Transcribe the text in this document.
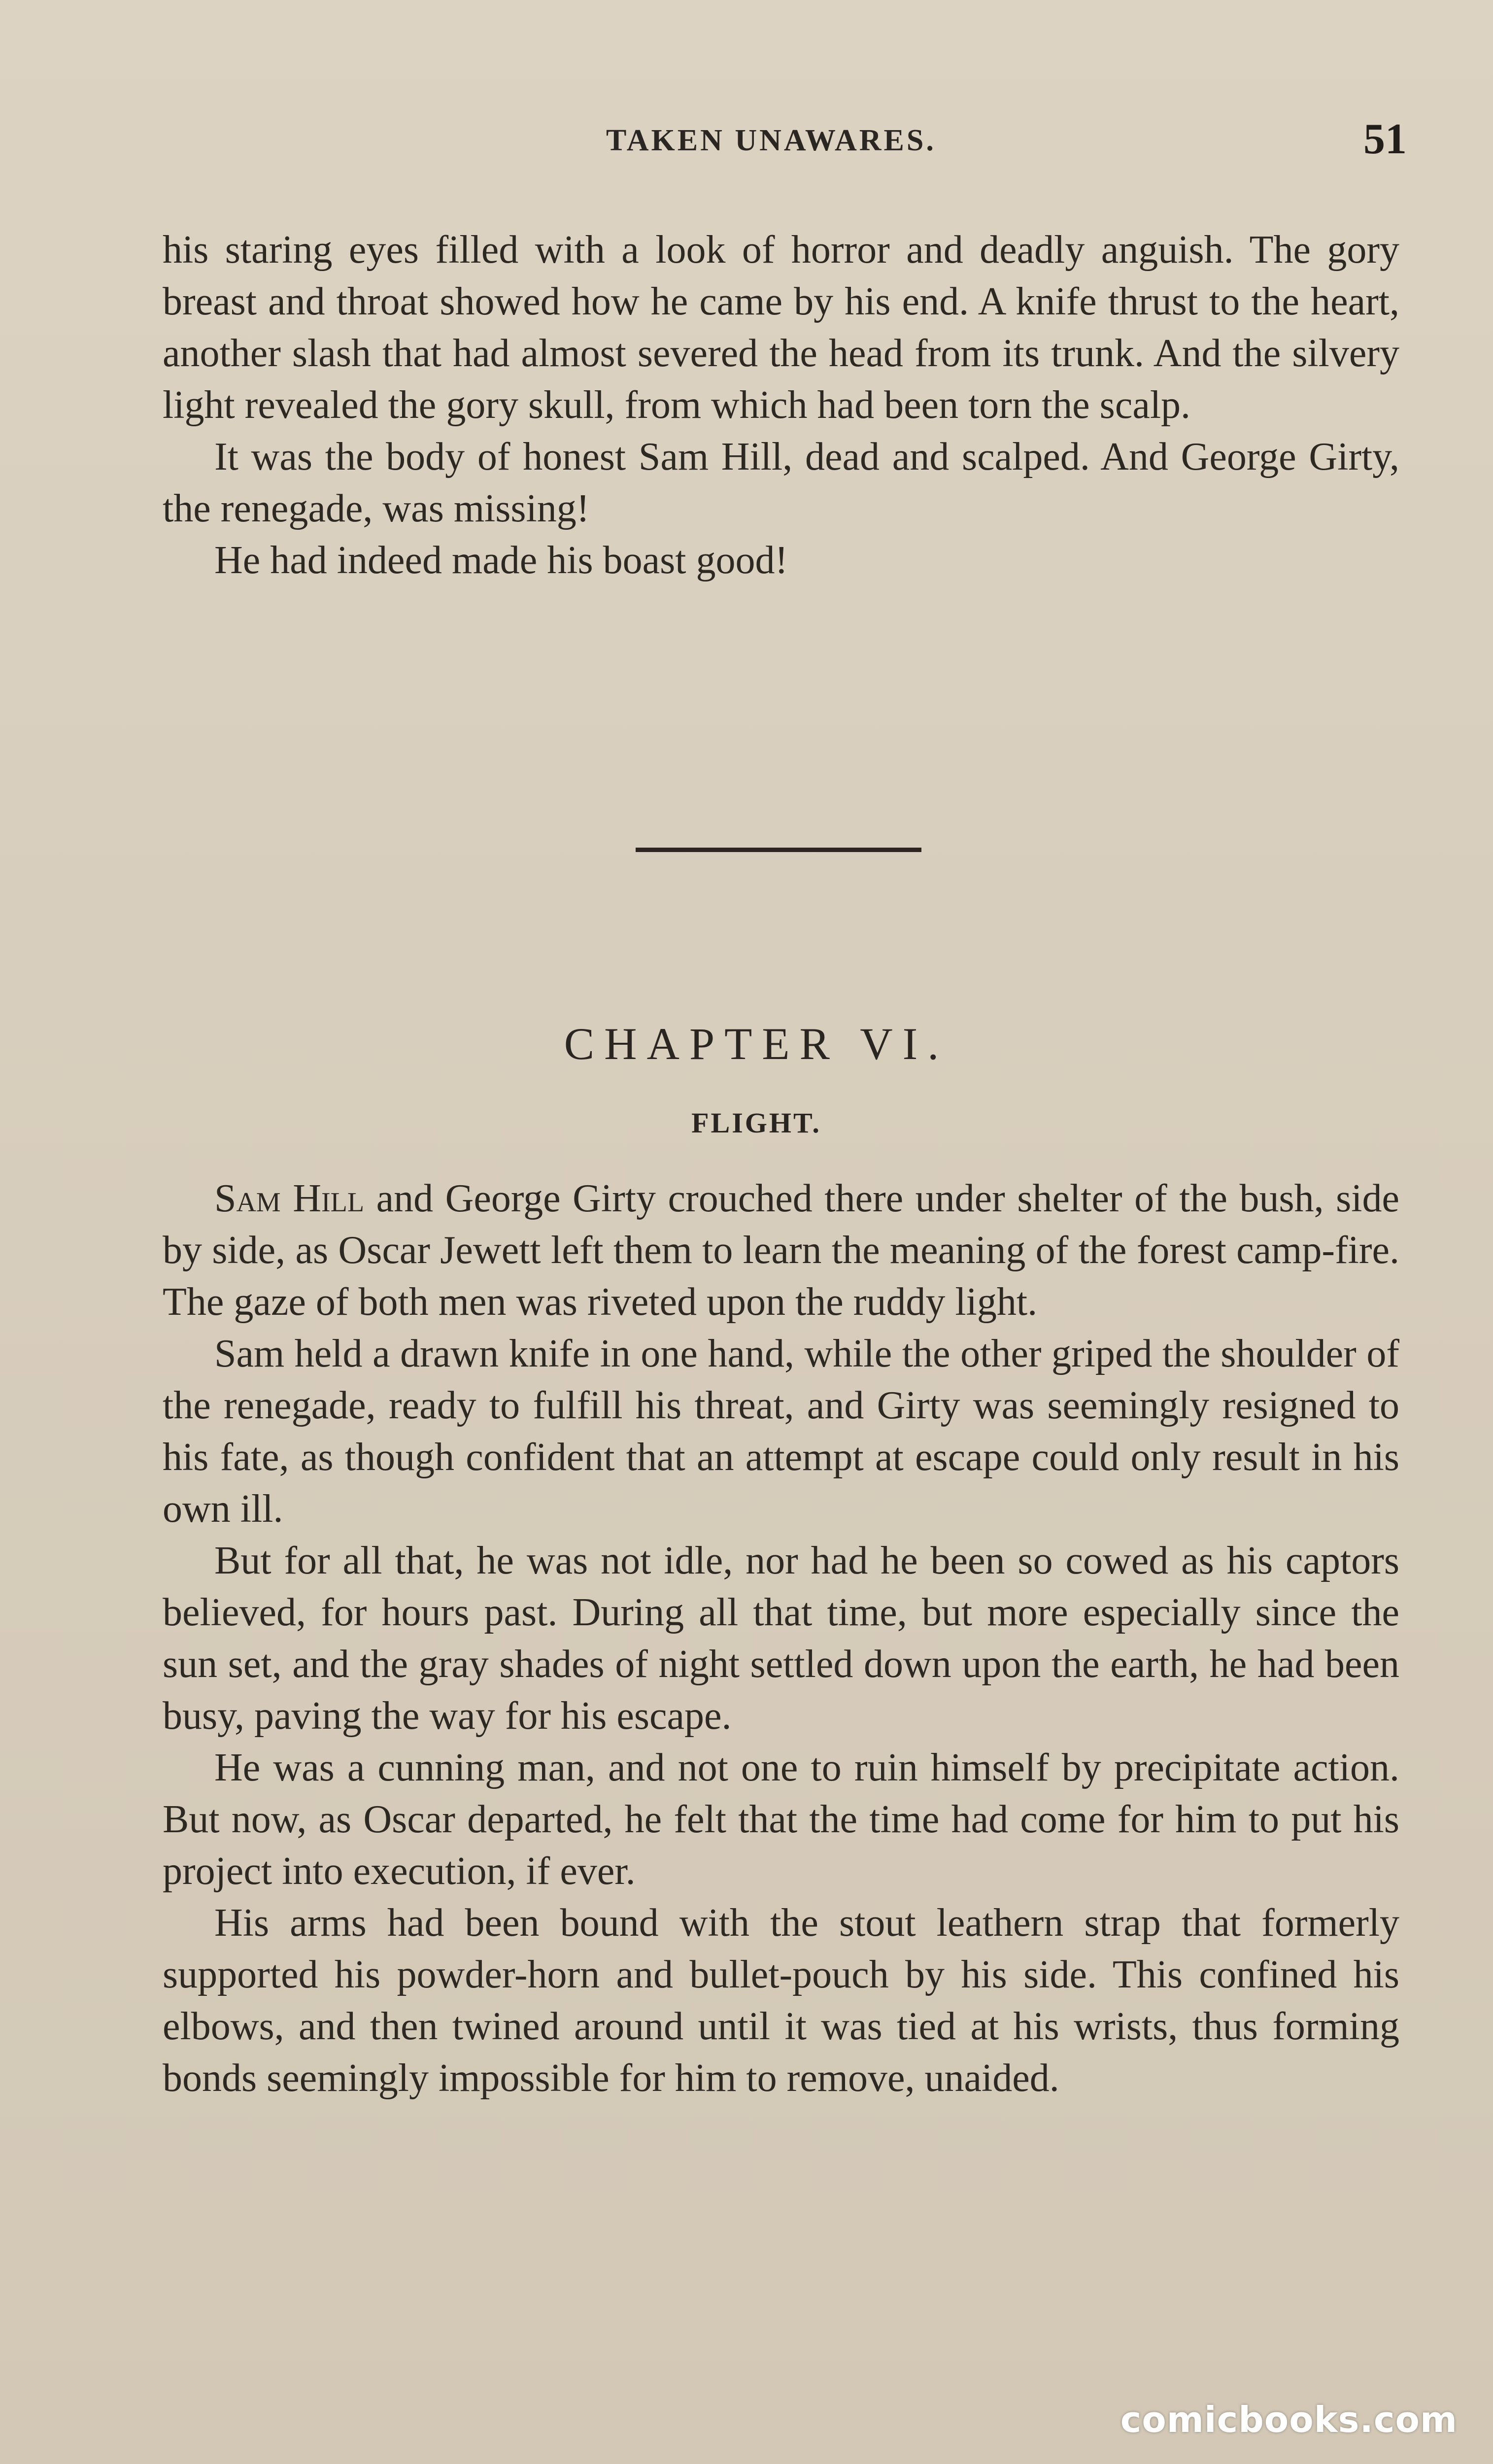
TAKEN UNAWARES.	51

his staring eyes filled with a look of horror and deadly anguish. The gory breast and throat showed how he came by his end. A knife thrust to the heart, another slash that had almost severed the head from its trunk. And the silvery light revealed the gory skull, from which had been torn the scalp.

It was the body of honest Sam Hill, dead and scalped. And George Girty, the renegade, was missing!

He had indeed made his boast good!

CHAPTER VI.
FLIGHT.

Sam Hill and George Girty crouched there under shelter of the bush, side by side, as Oscar Jewett left them to learn the meaning of the forest camp-fire. The gaze of both men was riveted upon the ruddy light.

Sam held a drawn knife in one hand, while the other griped the shoulder of the renegade, ready to fulfill his threat, and Girty was seemingly resigned to his fate, as though confident that an attempt at escape could only result in his own ill.

But for all that, he was not idle, nor had he been so cowed as his captors believed, for hours past. During all that time, but more especially since the sun set, and the gray shades of night settled down upon the earth, he had been busy, paving the way for his escape.

He was a cunning man, and not one to ruin himself by precipitate action. But now, as Oscar departed, he felt that the time had come for him to put his project into execution, if ever.

His arms had been bound with the stout leathern strap that formerly supported his powder-horn and bullet-pouch by his side. This confined his elbows, and then twined around until it was tied at his wrists, thus forming bonds seemingly impossible for him to remove, unaided.

comicbooks.com
